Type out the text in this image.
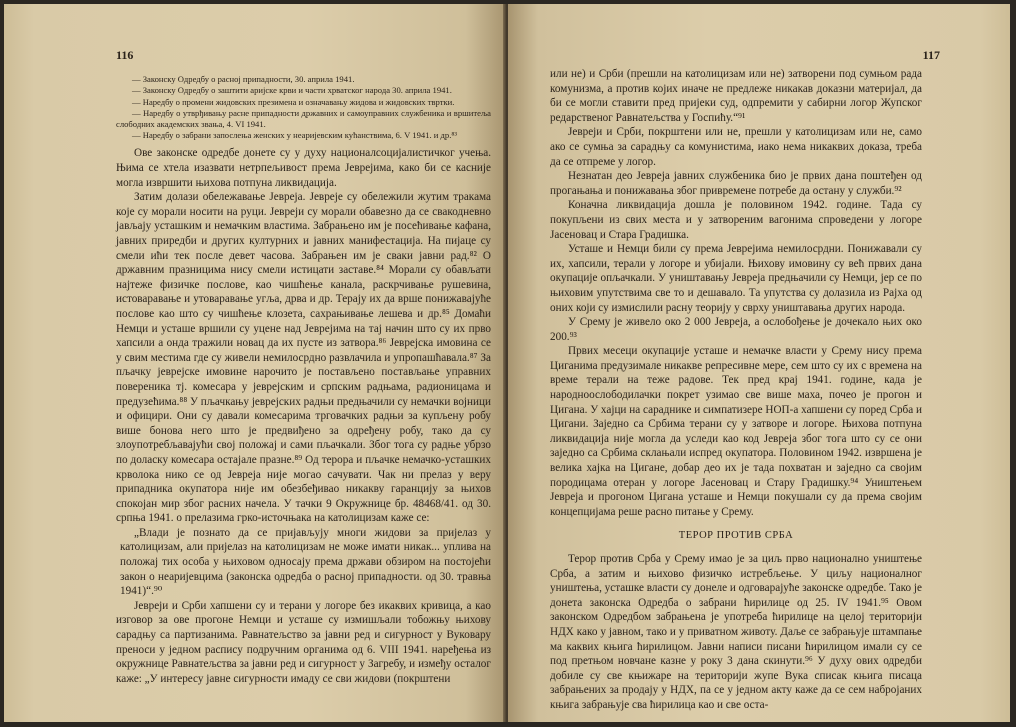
116

— Законску Одредбу о расној припадности, 30. априла 1941.

— Законску Одредбу о заштити аријске крви и части хрватског народа 30. априла 1941.

— Наредбу о промени жидовских презимена и означавању жидова и жидовских твртки.

— Наредбу о утврђивању расне припадности државних и самоуправних службеника и вршитеља слободних академских звања, 4. VI 1941.

— Наредбу о забрани запослења женских у неаријевским кућанствима, 6. V 1941. и др.⁸³

Ове законске одредбе донете су у духу националсоцијалистичког учења. Њима се хтела изазвати нетрпељивост према Јеврејима, како би се касније могла извршити њихова потпуна ликвидација.

Затим долази обележавање Јевреја. Јевреје су обележили жутим тракама које су морали носити на руци. Јевреји су морали обавезно да се свакодневно јављају усташким и немачким властима. Забрањено им је посећивање кафана, јавних приредби и других културних и јавних манифестација. На пијаце су смели ићи тек после девет часова. Забрањен им је сваки јавни рад.⁸² О државним празницима нису смели истицати заставе.⁸⁴ Морали су обављати најтеже физичке послове, као чишћење канала, раскрчивање рушевина, истоваравање и утоваравање угља, дрва и др. Терају их да врше понижавајуће послове као што су чишћење клозета, сахрањивање лешева и др.⁸⁵ Домаћи Немци и усташе вршили су уцене над Јеврејима на тај начин што су их прво хапсили а онда тражили новац да их пусте из затвора.⁸⁶ Јеврејска имовина се у свим местима где су живели немилосрдно развлачила и упропашћавала.⁸⁷ За пљачку јеврејске имовине нарочито је постављено постављање управних повереника тј. комесара у јеврејским и српским радњама, радионицама и предузећима.⁸⁸ У пљачкању јеврејских радњи предњачили су немачки војници и официри. Они су давали комесарима трговачких радњи за купљену робу више бонова него што је предвиђено за одређену робу, тако да су злоупотребљавајући свој положај и сами пљачкали. Због тога су радње убрзо по доласку комесара остајале празне.⁸⁹ Од терора и пљачке немачко-усташких крволока нико се од Јевреја није могао сачувати. Чак ни прелаз у веру припадника окупатора није им обезбеђивао никакву гаранцију за њихов спокојан мир због расних начела. У тачки 9 Окружнице бр. 48468/41. од 30. српња 1941. о прелазима грко-источњака на католицизам каже се:

„Влади је познато да се пријављују многи жидови за пријелаз у католицизам, али пријелаз на католицизам не може имати никак... уплива на положај тих особа у њиховом односају према држави обзиром на постојећи закон о неаријевцима (законска одредба о расној припадности. од 30. травња 1941)“.⁹⁰

Јевреји и Срби хапшени су и терани у логоре без икаквих кривица, а као изговор за ове прогоне Немци и усташе су измишљали тобожњу њихову сарадњу са партизанима. Равнатељство за јавни ред и сигурност у Вуковару преноси у једном распису подручним органима од 6. VIII 1941. наређења из окружнице Равнатељства за јавни ред и сигурност у Загребу, и између осталог каже: „У интересу јавне сигурности имаду се сви жидови (покрштени

117

или не) и Срби (прешли на католицизам или не) затворени под сумњом рада комунизма, а против којих иначе не предлеже никакав доказни материјал, да би се могли ставити пред пријеки суд, одпремити у сабирни логор Жупског редарственог Равнатељства у Госпићу.“⁹¹

Јевреји и Срби, покрштени или не, прешли у католицизам или не, само ако се сумња за сарадњу са комунистима, иако нема никаквих доказа, треба да се отпреме у логор.

Незнатан део Јевреја јавних службеника био је првих дана поштеђен од прогањања и понижавања због привремене потребе да остану у служби.⁹²

Коначна ликвидација дошла је половином 1942. године. Тада су покупљени из свих места и у затвореним вагонима спроведени у логоре Јасеновац и Стара Градишка.

Усташе и Немци били су према Јеврејима немилосрдни. Понижавали су их, хапсили, терали у логоре и убијали. Њихову имовину су већ првих дана окупације опљачкали. У уништавању Јевреја предњачили су Немци, јер се по њиховим упутствима све то и дешавало. Та упутства су долазила из Рајха од оних који су измислили расну теорију у сврху уништавања других народа.

У Срему је живело око 2 000 Јевреја, а ослобођење је дочекало њих око 200.⁹³

Првих месеци окупације усташе и немачке власти у Срему нису према Циганима предузимале никакве репресивне мере, сем што су их с времена на време терали на теже радове. Тек пред крај 1941. године, када је народноослободилачки покрет узимао све више маха, почео је прогон и Цигана. У хајци на сараднике и симпатизере НОП-а хапшени су поред Срба и Цигани. Заједно са Србима терани су у затворе и логоре. Њихова потпуна ликвидација није могла да уследи као код Јевреја због тога што су се они заједно са Србима склањали испред окупатора. Половином 1942. извршена је велика хајка на Цигане, добар део их је тада похватан и заједно са својим породицама отеран у логоре Јасеновац и Стару Градишку.⁹⁴ Уништењем Јевреја и прогоном Цигана усташе и Немци покушали су да према својим концепцијама реше расно питање у Срему.

ТЕРОР ПРОТИВ СРБА

Терор против Срба у Срему имао је за циљ прво национално уништење Срба, а затим и њихово физичко истребљење. У циљу националног уништења, усташке власти су донеле и одговарајуће законске одредбе. Тако је донета законска Одредба о забрани ћирилице од 25. IV 1941.⁹⁵ Овом законском Одредбом забрањена је употреба ћирилице на целој територији НДХ како у јавном, тако и у приватном животу. Даље се забрањује штампање ма каквих књига ћирилицом. Јавни написи писани ћирилицом имали су се под претњом новчане казне у року 3 дана скинути.⁹⁶ У духу ових одредби добиле су све књижаре на територији жупе Вука списак књига писаца забрањених за продају у НДХ, па се у једном акту каже да се сем набројаних књига забрањује сва ћирилица као и све оста-
